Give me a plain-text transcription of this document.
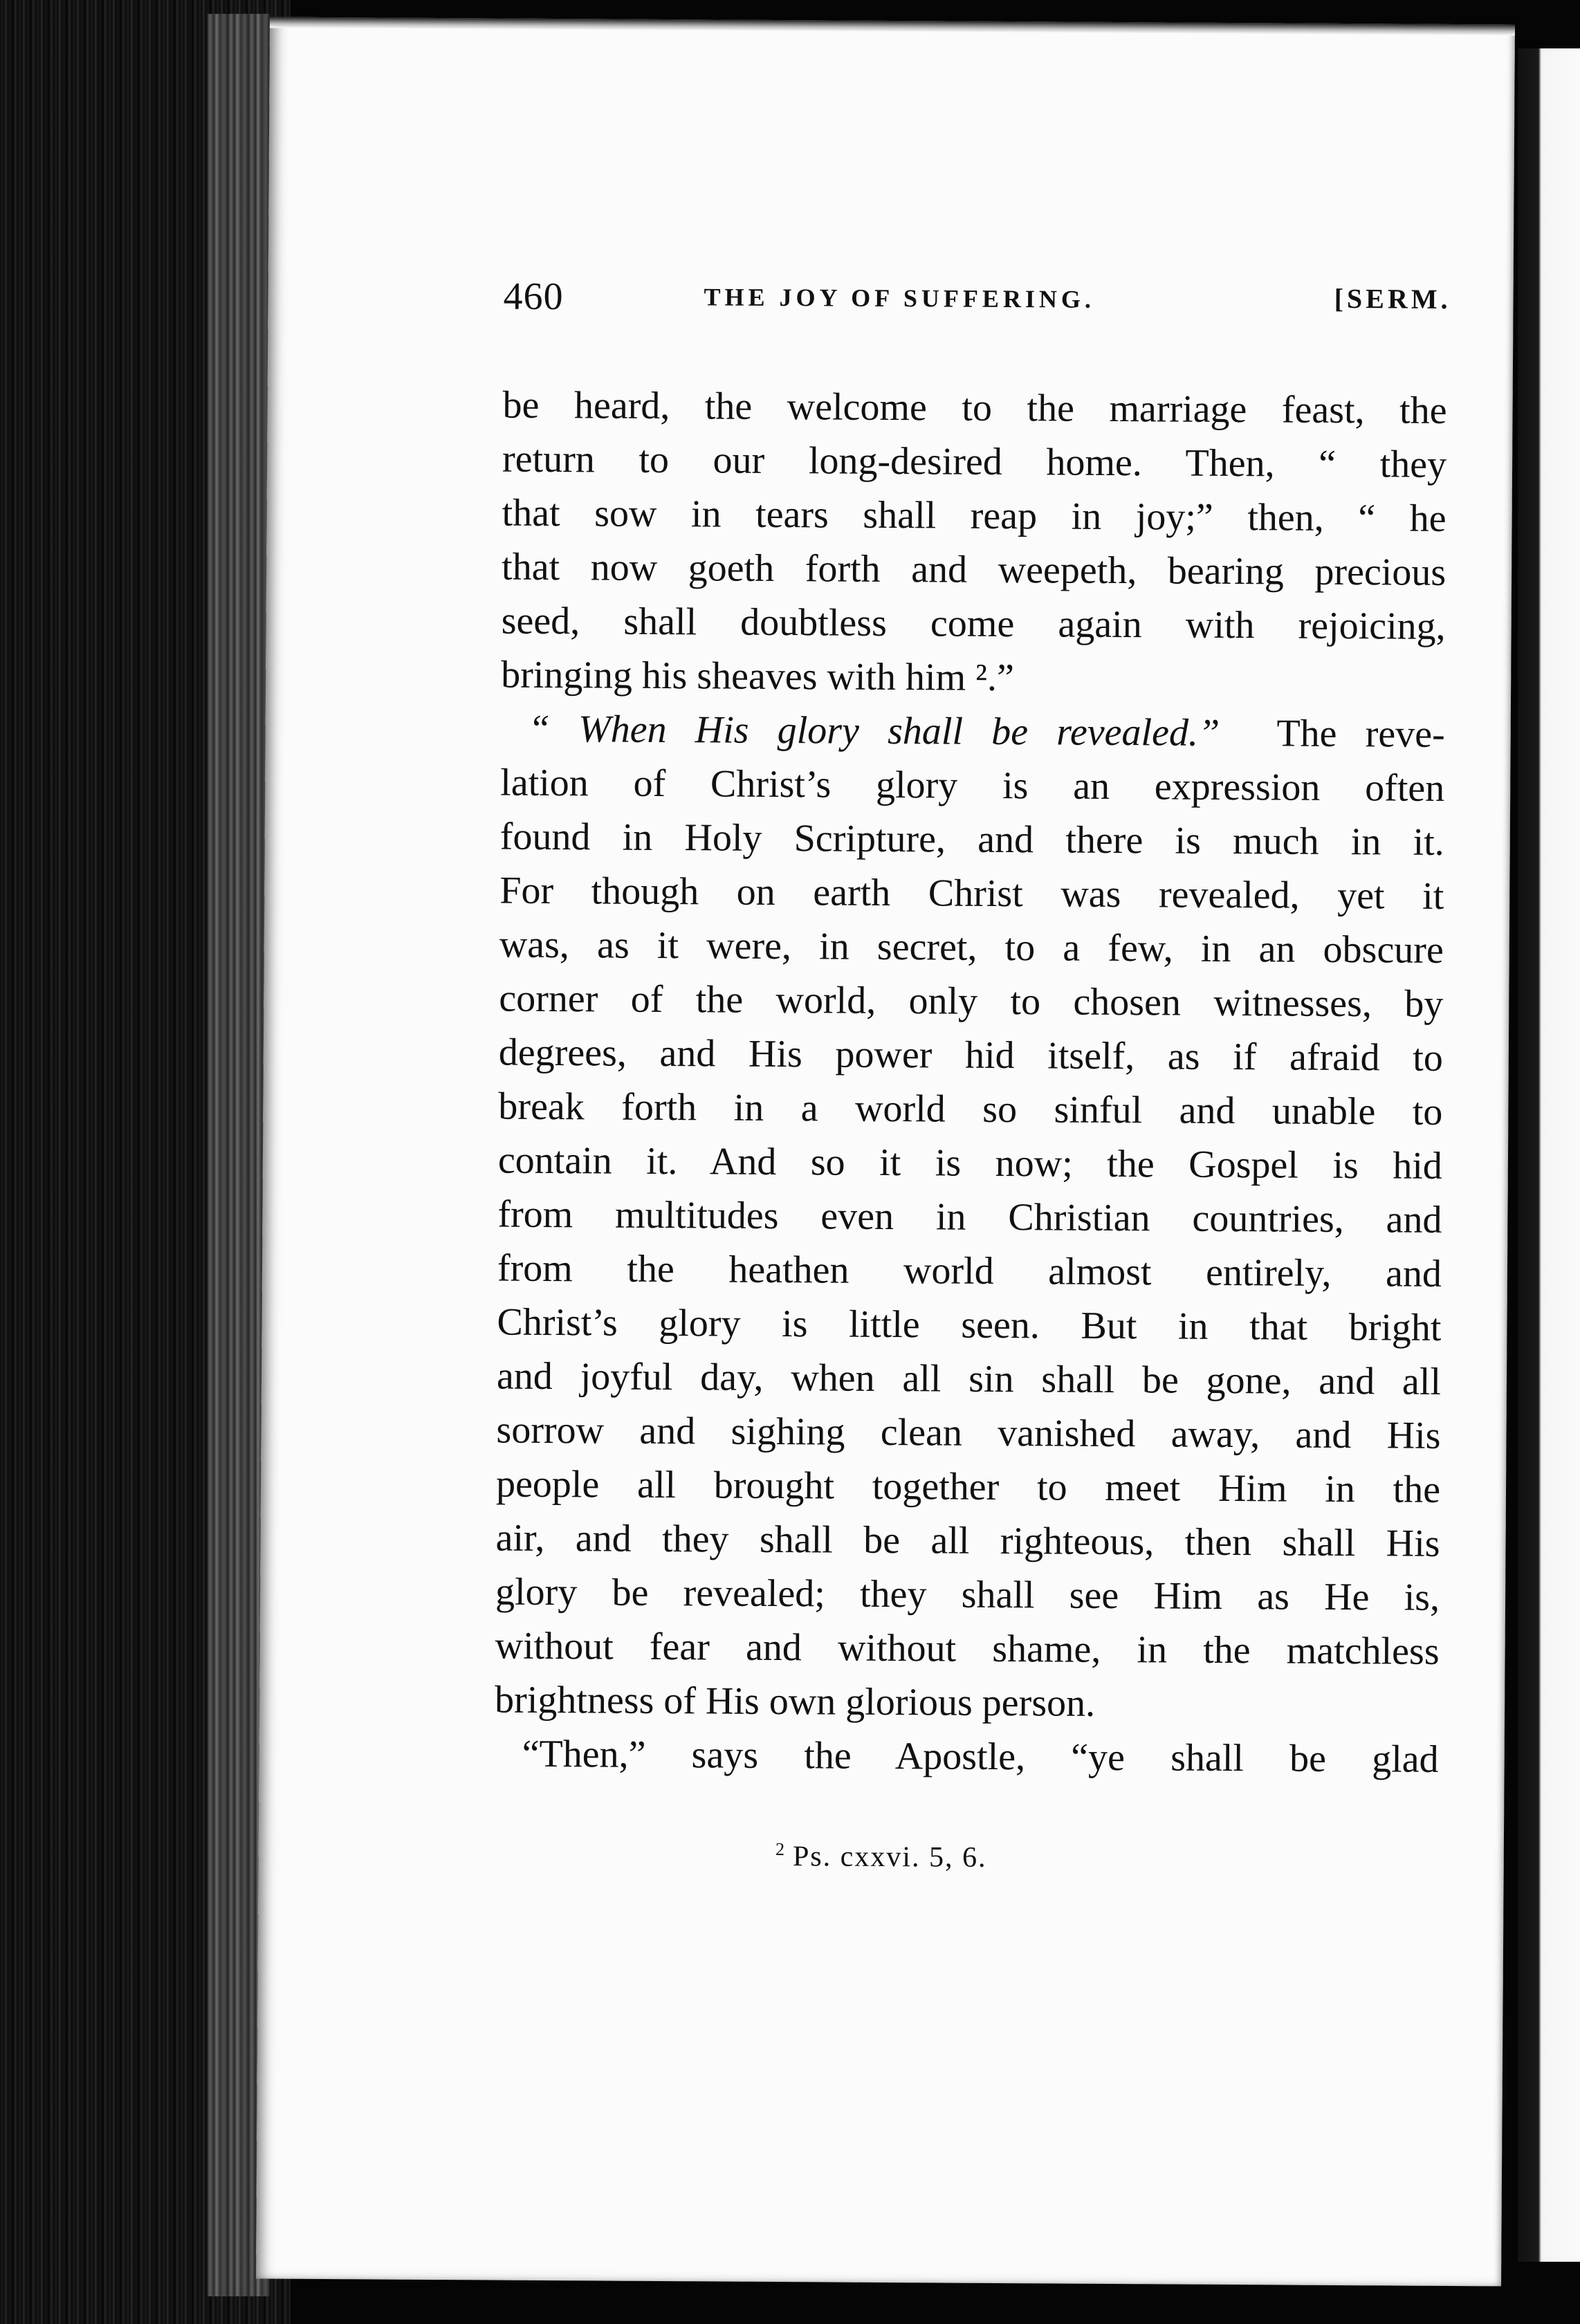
460	THE JOY OF SUFFERING.	[SERM.
be heard, the welcome to the marriage feast, the
return to our long-desired home. Then, “ they
that sow in tears shall reap in joy;” then, “ he
that now goeth forth and weepeth, bearing precious
seed, shall doubtless come again with rejoicing,
bringing his sheaves with him ².”
“ When His glory shall be revealed.” The reve-
lation of Christ’s glory is an expression often
found in Holy Scripture, and there is much in it.
For though on earth Christ was revealed, yet it
was, as it were, in secret, to a few, in an obscure
corner of the world, only to chosen witnesses, by
degrees, and His power hid itself, as if afraid to
break forth in a world so sinful and unable to
contain it. And so it is now; the Gospel is hid
from multitudes even in Christian countries, and
from the heathen world almost entirely, and
Christ’s glory is little seen. But in that bright
and joyful day, when all sin shall be gone, and all
sorrow and sighing clean vanished away, and His
people all brought together to meet Him in the
air, and they shall be all righteous, then shall His
glory be revealed; they shall see Him as He is,
without fear and without shame, in the matchless
brightness of His own glorious person.
“Then,” says the Apostle, “ye shall be glad
$^2$ Ps. cxxvi. 5, 6.
